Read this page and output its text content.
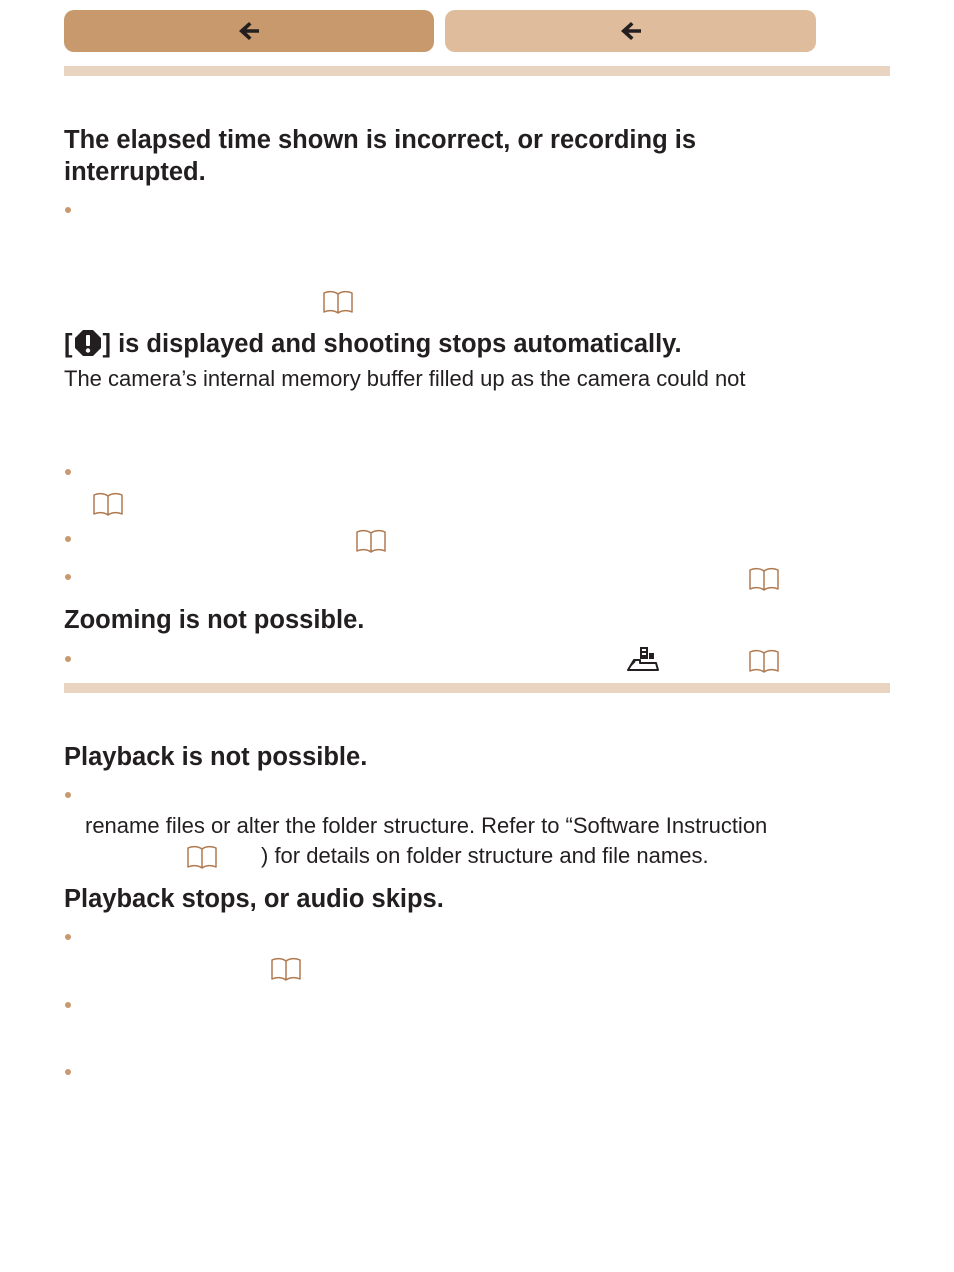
The elapsed time shown is incorrect, or recording is interrupted.
[ ] is displayed and shooting stops automatically.
The camera’s internal memory buffer filled up as the camera could not
Zooming is not possible.
Playback is not possible.
rename files or alter the folder structure. Refer to “Software Instruction
) for details on folder structure and file names.
Playback stops, or audio skips.
